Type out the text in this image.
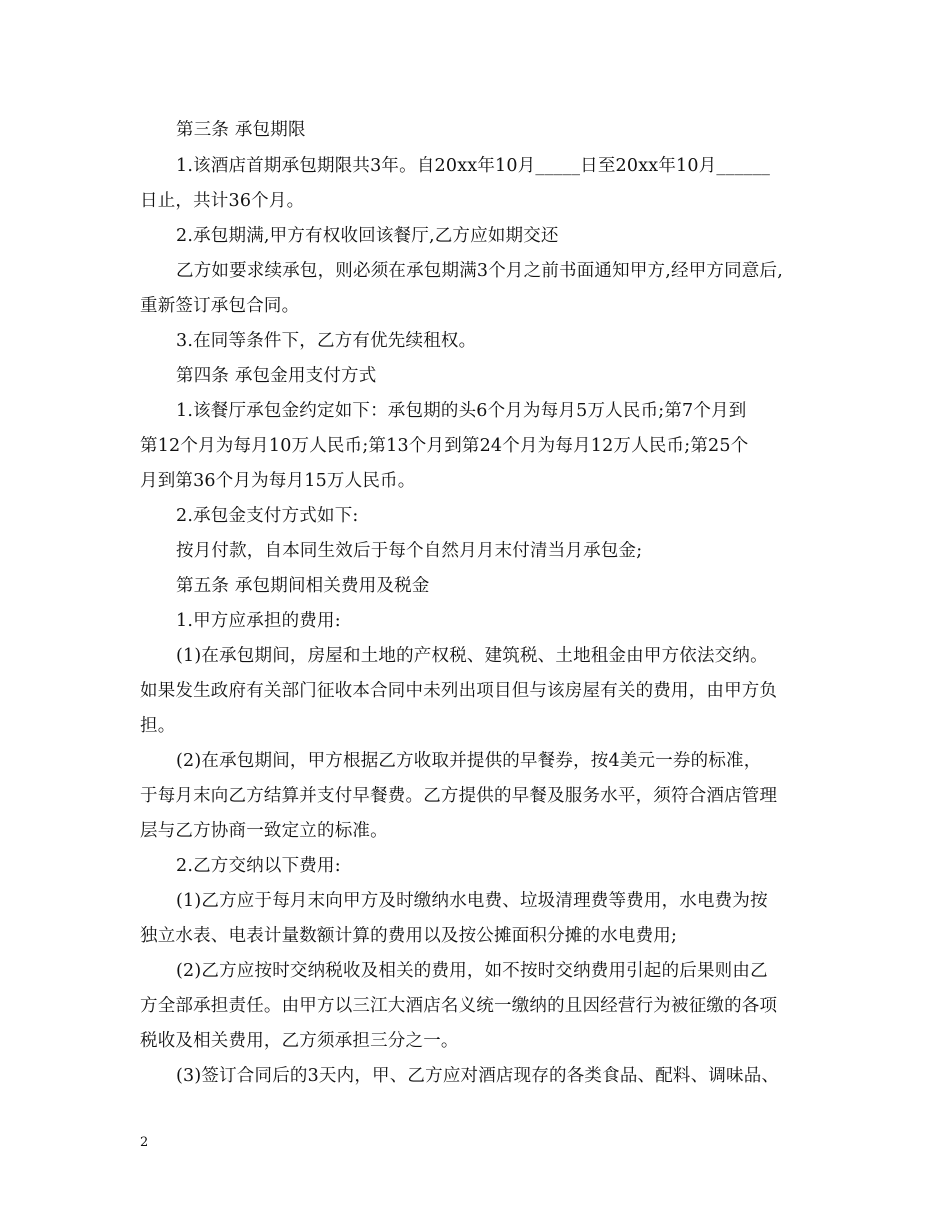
第三条 承包期限
1.该酒店首期承包期限共3年。自20xx年10月_____日至20xx年10月______
日止，共计36个月。
2.承包期满,甲方有权收回该餐厅,乙方应如期交还
乙方如要求续承包，则必须在承包期满3个月之前书面通知甲方,经甲方同意后,
重新签订承包合同。
3.在同等条件下，乙方有优先续租权。
第四条 承包金用支付方式
1.该餐厅承包金约定如下：承包期的头6个月为每月5万人民币;第7个月到
第12个月为每月10万人民币;第13个月到第24个月为每月12万人民币;第25个
月到第36个月为每月15万人民币。
2.承包金支付方式如下:
按月付款，自本同生效后于每个自然月月末付清当月承包金;
第五条 承包期间相关费用及税金
1.甲方应承担的费用:
(1)在承包期间，房屋和土地的产权税、建筑税、土地租金由甲方依法交纳。
如果发生政府有关部门征收本合同中未列出项目但与该房屋有关的费用，由甲方负
担。
(2)在承包期间，甲方根据乙方收取并提供的早餐券，按4美元一券的标准，
于每月末向乙方结算并支付早餐费。乙方提供的早餐及服务水平，须符合酒店管理
层与乙方协商一致定立的标准。
2.乙方交纳以下费用:
(1)乙方应于每月末向甲方及时缴纳水电费、垃圾清理费等费用，水电费为按
独立水表、电表计量数额计算的费用以及按公摊面积分摊的水电费用;
(2)乙方应按时交纳税收及相关的费用，如不按时交纳费用引起的后果则由乙
方全部承担责任。由甲方以三江大酒店名义统一缴纳的且因经营行为被征缴的各项
税收及相关费用，乙方须承担三分之一。
(3)签订合同后的3天内，甲、乙方应对酒店现存的各类食品、配料、调味品、
2
